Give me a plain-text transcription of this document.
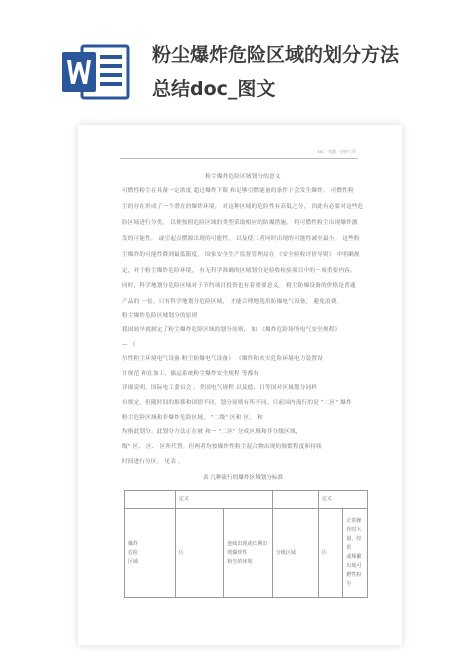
粉尘爆炸危险区域的划分方法
总结doc_图文
MC · 有限 · 评价工作
粉尘爆炸危险区域划分的意义
可燃性粉尘在具备一定浓度 超过爆炸下限 和足够引燃能量的条件下会发生爆炸。 可燃性粉
尘的存在形成了一个潜在的爆炸环境。 对这种区域的危险性有高低之分， 因此有必要对这些危
险区域进行分类， 以便按照危险区域的类型采取相应的防爆措施， 将可燃性粉尘出现爆炸激
发的可能性， 或引起点燃源出现的可能性， 以及使二者同时出现的可能性减至最小。 这些粉
尘爆炸的可能性降到最低限度。 国家安全生产监督管理局在 《安全验收评价导则》 中明确规
定，对于粉尘爆炸危险环境， 有无科学准确的区域划分是验收检验项目中的一项重要内容。
同时，科学地划分危险区域对于节约项目投资也有着重要意义。 粉尘防爆设备的价格是普通
产品的 一倍，只有科学地划分危险区域， 才能合理地选用防爆电气设备， 避免浪费。
粉尘爆炸危险区域划分的原则
我国较早就制定了粉尘爆炸危险区域的划分原则， 如 《爆炸危险场所电气安全规程》
— 《
尔性粉尘环境电气设备 粉尘防爆电气设备》 《爆炸和火灾危险环境电力装置设
计规范 和在加工、储运系统粉尘爆炸安全规程 等都有
详细说明。国际电工委员会 、美国电气规程 以及德、日等国对区域划分同样
有规定。但随时间的推移和国情不同，划分原则有所不同。目前国内流行的是 "二区" 爆炸
粉尘危险区域和非爆炸危险区域， "二级" 区和 区， 和
均指此划分。此划分方法正在被 和一 "二区" 分成区域和非分级区域，
级" 区、 区、 区所代替。但两者均按爆炸性粉尘混合物出现的频繁程度和持续
时间进行分区。 见表 。
表 几种流行的爆炸区域划分标准
	定义			定义	
爆炸
危险
区域	区	连续出现或长期出现爆炸性
粉尘的环境	分级区域	区	正常操作时大量、经常
或频繁出现可燃性粉尘
